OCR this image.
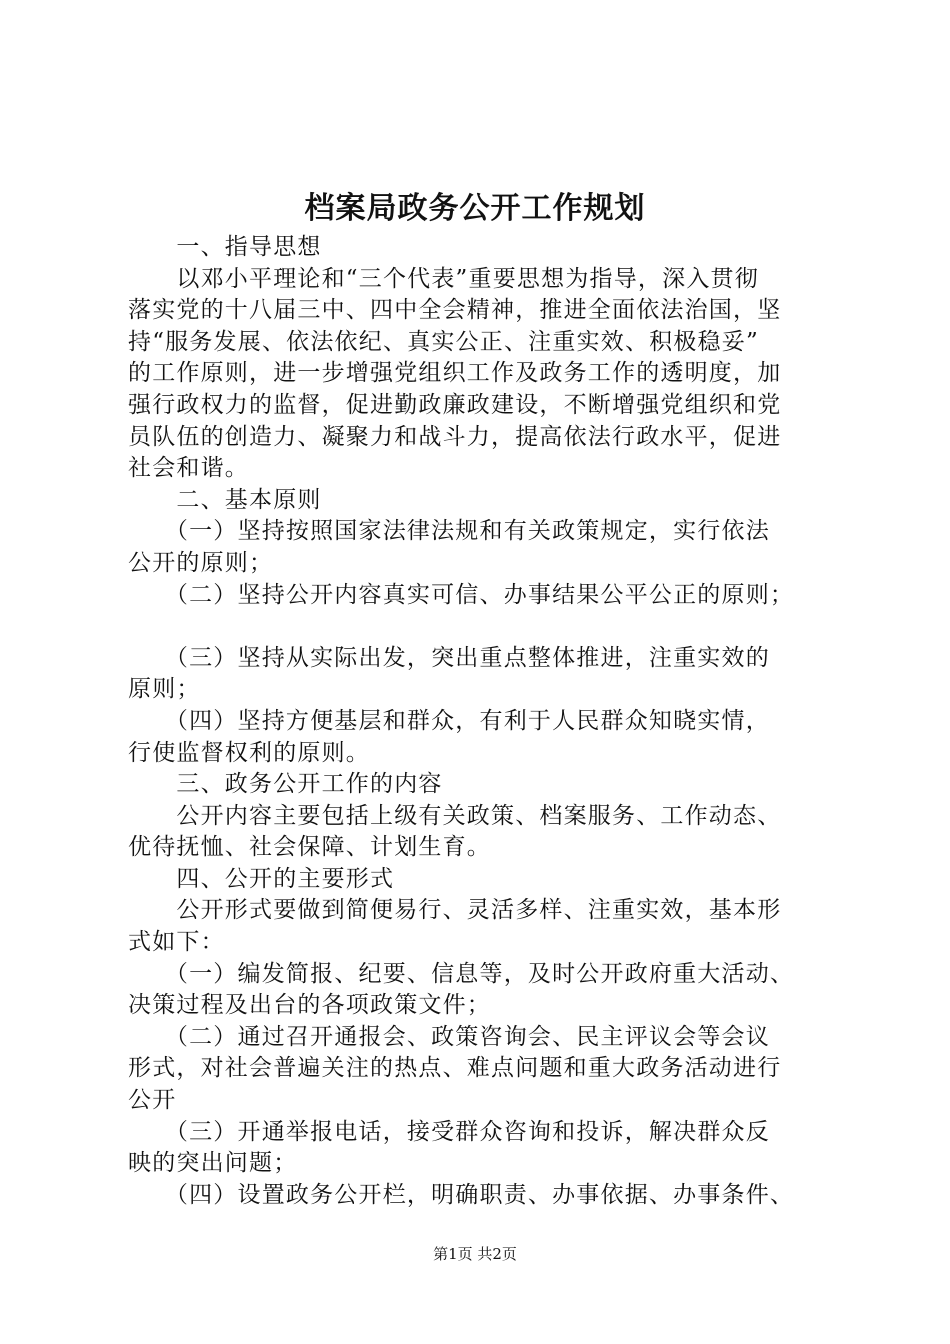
档案局政务公开工作规划
　　一、指导思想
　　以邓小平理论和“三个代表”重要思想为指导，深入贯彻
落实党的十八届三中、四中全会精神，推进全面依法治国，坚
持“服务发展、依法依纪、真实公正、注重实效、积极稳妥”
的工作原则，进一步增强党组织工作及政务工作的透明度，加
强行政权力的监督，促进勤政廉政建设，不断增强党组织和党
员队伍的创造力、凝聚力和战斗力，提高依法行政水平，促进
社会和谐。
　　二、基本原则
　　（一）坚持按照国家法律法规和有关政策规定，实行依法
公开的原则；
　　（二）坚持公开内容真实可信、办事结果公平公正的原则；
　　（三）坚持从实际出发，突出重点整体推进，注重实效的
原则；
　　（四）坚持方便基层和群众，有利于人民群众知晓实情，
行使监督权利的原则。
　　三、政务公开工作的内容
　　公开内容主要包括上级有关政策、档案服务、工作动态、
优待抚恤、社会保障、计划生育。
　　四、公开的主要形式
　　公开形式要做到简便易行、灵活多样、注重实效，基本形
式如下：
　　（一）编发简报、纪要、信息等，及时公开政府重大活动、
决策过程及出台的各项政策文件；
　　（二）通过召开通报会、政策咨询会、民主评议会等会议
形式，对社会普遍关注的热点、难点问题和重大政务活动进行
公开
　　（三）开通举报电话，接受群众咨询和投诉，解决群众反
映的突出问题；
　　（四）设置政务公开栏，明确职责、办事依据、办事条件、
第1页 共2页
